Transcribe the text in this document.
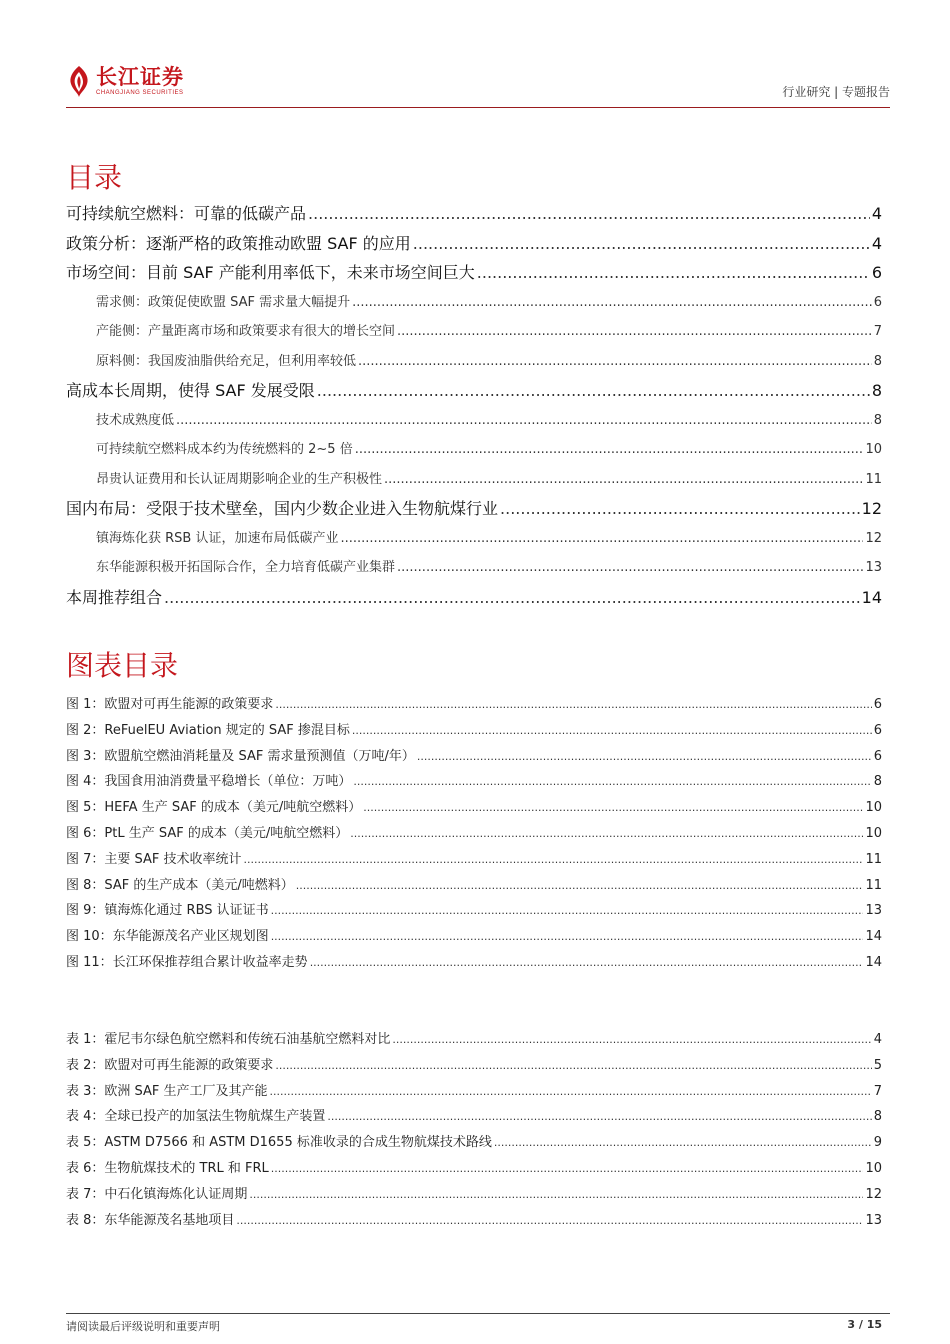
长江证券
CHANGJIANG SECURITIES	行业研究 | 专题报告
目录
可持续航空燃料：可靠的低碳产品 .....	4
政策分析：逐渐严格的政策推动欧盟 SAF 的应用 .....	4
市场空间：目前 SAF 产能利用率低下，未来市场空间巨大 .....	6
需求侧：政策促使欧盟 SAF 需求量大幅提升 .....	6
产能侧：产量距离市场和政策要求有很大的增长空间 .....	7
原料侧：我国废油脂供给充足，但利用率较低 .....	8
高成本长周期，使得 SAF 发展受限 .....	8
技术成熟度低 .....	8
可持续航空燃料成本约为传统燃料的 2~5 倍 .....	10
昂贵认证费用和长认证周期影响企业的生产积极性 .....	11
国内布局：受限于技术壁垒，国内少数企业进入生物航煤行业 .....	12
镇海炼化获 RSB 认证，加速布局低碳产业 .....	12
东华能源积极开拓国际合作，全力培育低碳产业集群 .....	13
本周推荐组合 .....	14
图表目录
图 1：欧盟对可再生能源的政策要求 .....	6
图 2：ReFuelEU Aviation 规定的 SAF 掺混目标 .....	6
图 3：欧盟航空燃油消耗量及 SAF 需求量预测值（万吨/年） .....	6
图 4：我国食用油消费量平稳增长（单位：万吨） .....	8
图 5：HEFA 生产 SAF 的成本（美元/吨航空燃料） .....	10
图 6：PtL 生产 SAF 的成本（美元/吨航空燃料） .....	10
图 7：主要 SAF 技术收率统计 .....	11
图 8：SAF 的生产成本（美元/吨燃料） .....	11
图 9：镇海炼化通过 RBS 认证证书 .....	13
图 10：东华能源茂名产业区规划图 .....	14
图 11：长江环保推荐组合累计收益率走势 .....	14
表 1：霍尼韦尔绿色航空燃料和传统石油基航空燃料对比 .....	4
表 2：欧盟对可再生能源的政策要求 .....	5
表 3：欧洲 SAF 生产工厂及其产能 .....	7
表 4：全球已投产的加氢法生物航煤生产装置 .....	8
表 5：ASTM D7566 和 ASTM D1655 标准收录的合成生物航煤技术路线 .....	9
表 6：生物航煤技术的 TRL 和 FRL .....	10
表 7：中石化镇海炼化认证周期 .....	12
表 8：东华能源茂名基地项目 .....	13
请阅读最后评级说明和重要声明	3 / 15
